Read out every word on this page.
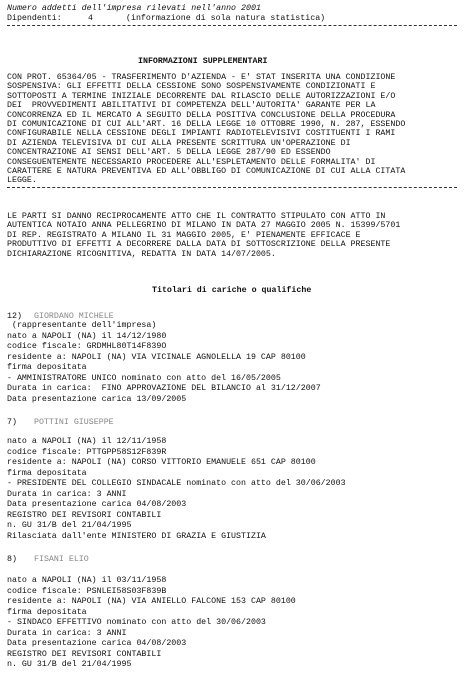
Numero addetti dell'impresa rilevati nell'anno 2001
Dipendenti:	4	(informazione di sola natura statistica)
INFORMAZIONI SUPPLEMENTARI
CON PROT. 65364/05 - TRASFERIMENTO D'AZIENDA - E' STAT INSERITA UNA CONDIZIONE
SOSPENSIVA: GLI EFFETTI DELLA CESSIONE SONO SOSPENSIVAMENTE CONDIZIONATI E
SOTTOPOSTI A TERMINE INIZIALE DECORRENTE DAL RILASCIO DELLE AUTORIZZAZIONI E/O
DEI  PROVVEDIMENTI ABILITATIVI DI COMPETENZA DELL'AUTORITA' GARANTE PER LA
CONCORRENZA ED IL MERCATO A SEGUITO DELLA POSITIVA CONCLUSIONE DELLA PROCEDURA
DI COMUNICAZIONE DI CUI ALL'ART. 16 DELLA LEGGE 10 OTTOBRE 1990, N. 287, ESSENDO
CONFIGURABILE NELLA CESSIONE DEGLI IMPIANTI RADIOTELEVISIVI COSTITUENTI I RAMI
DI AZIENDA TELEVISIVA DI CUI ALLA PRESENTE SCRITTURA UN'OPERAZIONE DI
CONCENTRAZIONE AI SENSI DELL'ART. 5 DELLA LEGGE 287/90 ED ESSENDO
CONSEGUENTEMENTE NECESSARIO PROCEDERE ALL'ESPLETAMENTO DELLE FORMALITA' DI
CARATTERE E NATURA PREVENTIVA ED ALL'OBBLIGO DI COMUNICAZIONE DI CUI ALLA CITATA
LEGGE.
LE PARTI SI DANNO RECIPROCAMENTE ATTO CHE IL CONTRATTO STIPULATO CON ATTO IN
AUTENTICA NOTAIO ANNA PELLEGRINO DI MILANO IN DATA 27 MAGGIO 2005 N. 15399/5701
DI REP. REGISTRATO A MILANO IL 31 MAGGIO 2005, E' PIENAMENTE EFFICACE E
PRODUTTIVO DI EFFETTI A DECORRERE DALLA DATA DI SOTTOSCRIZIONE DELLA PRESENTE
DICHIARAZIONE RICOGNITIVA, REDATTA IN DATA 14/07/2005.
Titolari di cariche o qualifiche
12) GIORDANO MICHELE
(rappresentante dell'impresa)
nato a NAPOLI (NA) il 14/12/1980
codice fiscale: GRDMHL80T14F839O
residente a: NAPOLI (NA) VIA VICINALE AGNOLELLA 19 CAP 80100
firma depositata
- AMMINISTRATORE UNICO nominato con atto del 16/05/2005
Durata in carica:  FINO APPROVAZIONE DEL BILANCIO al 31/12/2007
Data presentazione carica 13/09/2005
7) POTTINI GIUSEPPE
nato a NAPOLI (NA) il 12/11/1958
codice fiscale: PTTGPP58S12F839R
residente a: NAPOLI (NA) CORSO VITTORIO EMANUELE 651 CAP 80100
firma depositata
- PRESIDENTE DEL COLLEGIO SINDACALE nominato con atto del 30/06/2003
Durata in carica: 3 ANNI
Data presentazione carica 04/08/2003
REGISTRO DEI REVISORI CONTABILI
n. GU 31/B del 21/04/1995
Rilasciata dall'ente MINISTERO DI GRAZIA E GIUSTIZIA
8) FISANI ELIO
nato a NAPOLI (NA) il 03/11/1958
codice fiscale: PSNLEI58S03F839B
residente a: NAPOLI (NA) VIA ANIELLO FALCONE 153 CAP 80100
firma depositata
- SINDACO EFFETTIVO nominato con atto del 30/06/2003
Durata in carica: 3 ANNI
Data presentazione carica 04/08/2003
REGISTRO DEI REVISORI CONTABILI
n. GU 31/B del 21/04/1995
